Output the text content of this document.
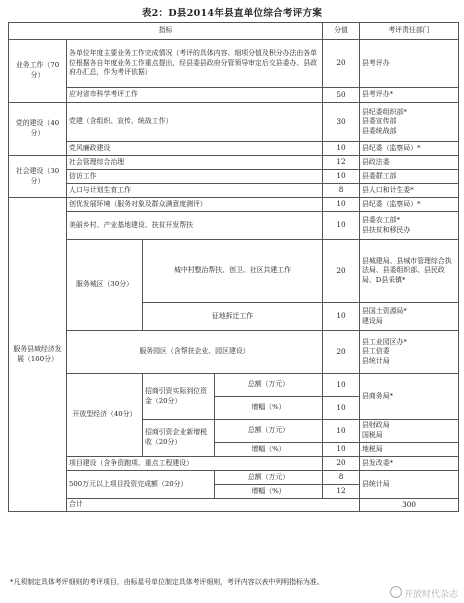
表2：D县2014年县直单位综合考评方案
指标				分值	考评责任部门	
业务工作（70分）	各单位年度主要业务工作完成情况（考评的具体内容、细项分值及积分办法由各单位根据各自年度业务工作重点提出，经县委县政府分管领导审定后交县委办、县政府办汇总，作为考评依据）			20	县考评办	
	应对省市科学考评工作			50	县考评办*	
党的建设（40分）	党建（含组织、宣传、统战工作）			30	县纪委组织部*
县委宣传部
县委统战部	
	党风廉政建设			10	县纪委（监察局）*	
社会建设（30分）	社会管理综合治理			12	县政法委	
	信访工作			10	县委群工部	
	人口与计划生育工作			8	县人口和计生委*	
服务县域经济发展（160分）	创优发展环境（服务对象及群众满意度测评）			10	县纪委（监察局）*	
	美丽乡村、产业基地建设、扶贫开发帮扶			10	县委农工部*
县扶贫和移民办	
	服务城区（30分）	城中村整治帮扶、创卫、社区共建工作		20	县城建局、县城市管理综合执法局、县委组织部、县民政局、D县采镇*	
		征地拆迁工作		10	县国土资源局*
建设局	
	服务园区（含帮扶企业、园区建设）			20	县工业园区办*
县工信委
县统计局	
	开放型经济（40分）	招商引资实际到位资金（20分）	总额（万元）	10	县商务局*	
			增幅（%）	10		
		招商引资企业新增税收（20分）	总额（万元）	10	县财政局
国税局	

			增幅（%）	10	地税局	
	项目建设（含争资跑项、重点工程建设）			20	县发改委*	
	500万元以上项目投资完成额（20分）		总额（万元）	8	县统计局	
			增幅（%）	12		
	合计				300	
*凡须制定具体考评细则的考评项目，由标星号单位制定具体考评细则，考评内容以表中列明指标为准。
开放时代杂志
